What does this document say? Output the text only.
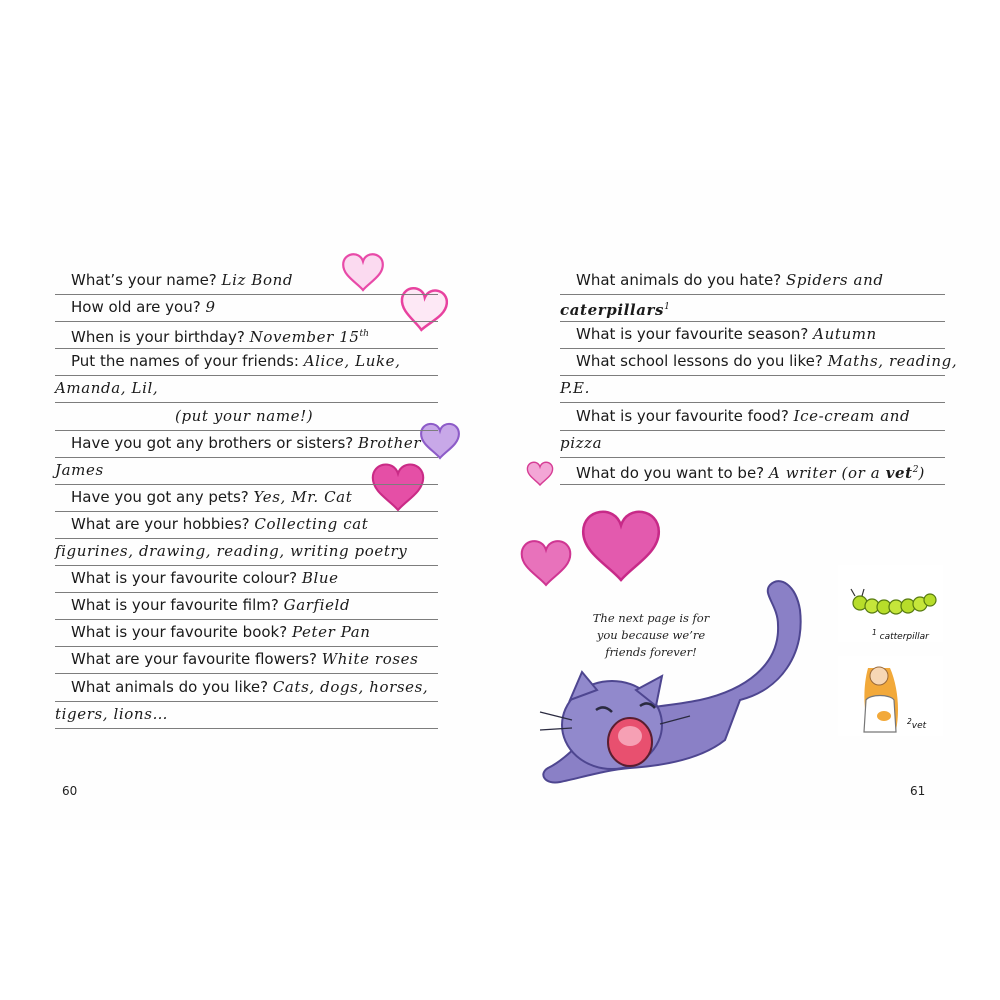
What’s your name? Liz Bond
How old are you? 9
When is your birthday? November 15th
Put the names of your friends: Alice, Luke,
Amanda, Lil,
(put your name!)
Have you got any brothers or sisters? Brother
James
Have you got any pets? Yes, Mr. Cat
What are your hobbies? Collecting cat
figurines, drawing, reading, writing poetry
What is your favourite colour? Blue
What is your favourite film? Garfield
What is your favourite book? Peter Pan
What are your favourite flowers? White roses
What animals do you like? Cats, dogs, horses,
tigers, lions…
What animals do you hate? Spiders and
caterpillars$^1$
What is your favourite season? Autumn
What school lessons do you like? Maths, reading,
P.E.
What is your favourite food? Ice-cream and
pizza
What do you want to be? A writer (or a vet$^2$)
The next page is for
you because we’re
friends forever!
$^1$ catterpillar
$^2$vet
60	61
